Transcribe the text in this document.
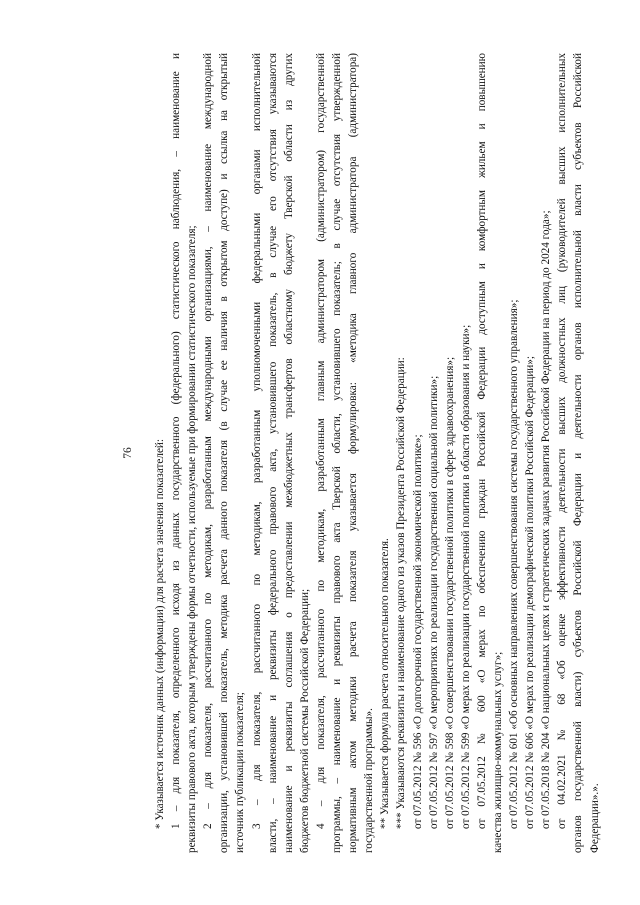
76 * Указывается источник данных (информации) для расчета значения показателей: 1 – для показателя, определенного исходя из данных государственного (федерального) статистического наблюдения, – наименование и реквизиты правового акта, которым утверждены формы отчетности, используемые при формировании статистического показателя; 2 – для показателя, рассчитанного по методикам, разработанным международными организациями, – наименование международной организации, установившей показатель, методика расчета данного показателя (в случае ее наличия в открытом доступе) и ссылка на открытый источник публикации показателя; 3 – для показателя, рассчитанного по методикам, разработанным уполномоченными федеральными органами исполнительной власти, – наименование и реквизиты федерального правового акта, установившего показатель, в случае его отсутствия указываются наименование и реквизиты соглашения о предоставлении межбюджетных трансфертов областному бюджету Тверской области из других бюджетов бюджетной системы Российской Федерации; 4 – для показателя, рассчитанного по методикам, разработанным главным администратором (администратором) государственной программы, – наименование и реквизиты правового акта Тверской области, установившего показатель; в случае отсутствия утвержденной нормативным актом методики расчета показателя указывается формулировка: «методика главного администратора (администратора) государственной программы». ** Указывается формула расчета относительного показателя. *** Указываются реквизиты и наименование одного из указов Президента Российской Федерации: от 07.05.2012 № 596 «О долгосрочной государственной экономической политике»; от 07.05.2012 № 597 «О мероприятиях по реализации государственной социальной политики»; от 07.05.2012 № 598 «О совершенствовании государственной политики в сфере здравоохранения»; от 07.05.2012 № 599 «О мерах по реализации государственной политики в области образования и науки»; от 07.05.2012 № 600 «О мерах по обеспечению граждан Российской Федерации доступным и комфортным жильем и повышению качества жилищно-коммунальных услуг»; от 07.05.2012 № 601 «Об основных направлениях совершенствования системы государственного управления»; от 07.05.2012 № 606 «О мерах по реализации демографической политики Российской Федерации»; от 07.05.2018 № 204 «О национальных целях и стратегических задачах развития Российской Федерации на период до 2024 года»; от 04.02.2021 № 68 «Об оценке эффективности деятельности высших должностных лиц (руководителей высших исполнительных органов государственной власти) субъектов Российской Федерации и деятельности органов исполнительной власти субъектов Российской Федерации».».
